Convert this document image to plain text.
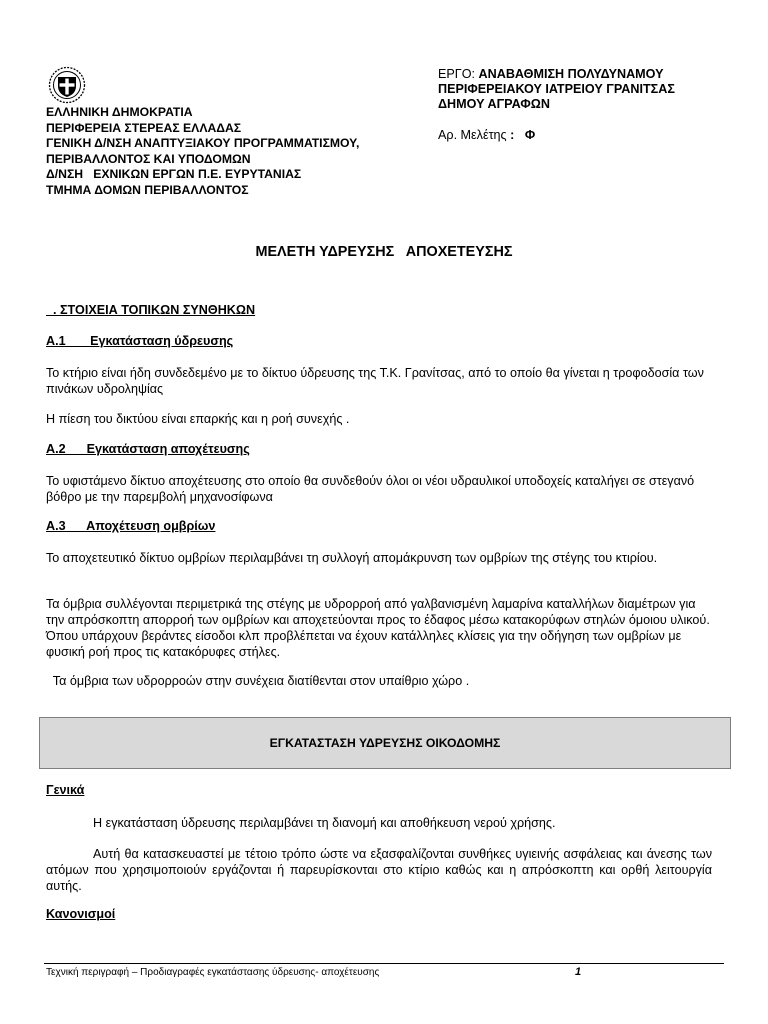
ΕΛΛΗΝΙΚΗ ΔΗΜΟΚΡΑΤΙΑ
ΠΕΡΙΦΕΡΕΙΑ ΣΤΕΡΕΑΣ ΕΛΛΑΔΑΣ
ΓΕΝΙΚΗ Δ/ΝΣΗ ΑΝΑΠΤΥΞΙΑΚΟΥ ΠΡΟΓΡΑΜΜΑΤΙΣΜΟΥ,
ΠΕΡΙΒΑΛΛΟΝΤΟΣ ΚΑΙ ΥΠΟΔΟΜΩΝ
Δ/ΝΣΗ   ΕΧΝΙΚΩΝ ΕΡΓΩΝ Π.Ε. ΕΥΡΥΤΑΝΙΑΣ
ΤΜΗΜΑ ΔΟΜΩΝ ΠΕΡΙΒΑΛΛΟΝΤΟΣ
ΕΡΓΟ: ΑΝΑΒΑΘΜΙΣΗ ΠΟΛΥΔΥΝΑΜΟΥ
ΠΕΡΙΦΕΡΕΙΑΚΟΥ ΙΑΤΡΕΙΟΥ ΓΡΑΝΙΤΣΑΣ
ΔΗΜΟΥ ΑΓΡΑΦΩΝ
Αρ. Μελέτης : Φ
ΜΕΛΕΤΗ ΥΔΡΕΥΣΗΣ   ΑΠΟΧΕΤΕΥΣΗΣ
. ΣΤΟΙΧΕΙΑ ΤΟΠΙΚΩΝ ΣΥΝΘΗΚΩΝ
Α.1       Εγκατάσταση ύδρευσης
Το κτήριο είναι ήδη συνδεδεμένο με το δίκτυο ύδρευσης της Τ.Κ. Γρανίτσας, από το οποίο θα γίνεται η τροφοδοσία των πινάκων υδροληψίας
Η πίεση του δικτύου είναι επαρκής και η ροή συνεχής .
Α.2      Εγκατάσταση αποχέτευσης
Το υφιστάμενο δίκτυο αποχέτευσης στο οποίο θα συνδεθούν όλοι οι νέοι υδραυλικοί υποδοχείς καταλήγει σε στεγανό βόθρο με την παρεμβολή μηχανοσίφωνα
Α.3      Αποχέτευση ομβρίων
Το αποχετευτικό δίκτυο ομβρίων περιλαμβάνει τη συλλογή απομάκρυνση των ομβρίων της στέγης του κτιρίου.
Τα όμβρια συλλέγονται περιμετρικά της στέγης με υδρορροή από γαλβανισμένη λαμαρίνα καταλλήλων διαμέτρων για την απρόσκοπτη απορροή των ομβρίων και αποχετεύονται προς το έδαφος μέσω κατακορύφων στηλών όμοιου υλικού. Όπου υπάρχουν βεράντες είσοδοι κλπ προβλέπεται να έχουν κατάλληλες κλίσεις για την οδήγηση των ομβρίων με φυσική ροή προς τις κατακόρυφες στήλες.
Τα όμβρια των υδρορροών στην συνέχεια διατίθενται στον υπαίθριο χώρο .
ΕΓΚΑΤΑΣΤΑΣΗ ΥΔΡΕΥΣΗΣ ΟΙΚΟΔΟΜΗΣ
Γενικά
Η εγκατάσταση ύδρευσης περιλαμβάνει τη διανομή και αποθήκευση νερού χρήσης.
Αυτή θα κατασκευαστεί με τέτοιο τρόπο ώστε να εξασφαλίζονται συνθήκες υγιεινής ασφάλειας και άνεσης των ατόμων που χρησιμοποιούν εργάζονται ή παρευρίσκονται στο κτίριο καθώς και η απρόσκοπτη και ορθή λειτουργία αυτής.
Κανονισμοί
Τεχνική περιγραφή – Προδιαγραφές εγκατάστασης ύδρευσης- αποχέτευσης	1
